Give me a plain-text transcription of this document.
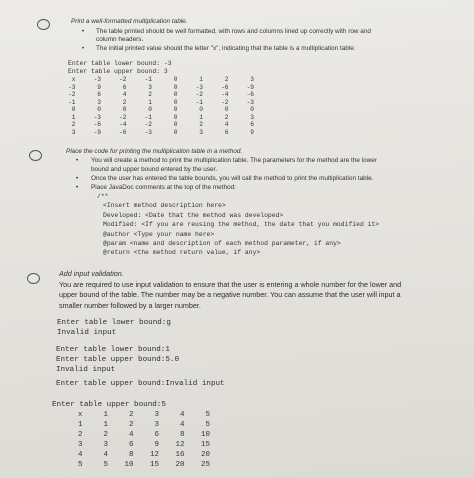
Print a well-formatted multiplication table.
• The table printed should be well formatted, with rows and columns lined up correctly with row and
column headers.
• The initial printed value should the letter "x", indicating that the table is a multiplication table.
Enter table lower bound: -3
Enter table upper bound: 3
x	-3	-2	-1	0	1	2	3
-3	9	6	3	0	-3	-6	-9
-2	6	4	2	0	-2	-4	-6
-1	3	2	1	0	-1	-2	-3
0	0	0	0	0	0	0	0
1	-3	-2	-1	0	1	2	3
2	-6	-4	-2	0	2	4	6
3	-9	-6	-3	0	3	6	9
Place the code for printing the multiplication table in a method.
• You will create a method to print the multiplication table. The parameters for the method are the lower
bound and upper bound entered by the user.
• Once the user has entered the table bounds, you will call the method to print the multiplication table.
• Place JavaDoc comments at the top of the method:
/**
<Insert method description here>
Developed: <Date that the method was developed>
Modified: <If you are reusing the method, the date that you modified it>
@author <Type your name here>
@param <name and description of each method parameter, if any>
@return <the method return value, if any>
Add input validation.
You are required to use input validation to ensure that the user is entering a whole number for the lower and
upper bound of the table. The number may be a negative number. You can assume that the user will input a
smaller number followed by a larger number.
Enter table lower bound:g
Invalid input
Enter table lower bound:1
Enter table upper bound:5.0
Invalid input
Enter table upper bound:Invalid input
Enter table upper bound:5
x	1	2	3	4	5
1	1	2	3	4	5
2	2	4	6	8	10
3	3	6	9	12	15
4	4	8	12	16	20
5	5	10	15	20	25
